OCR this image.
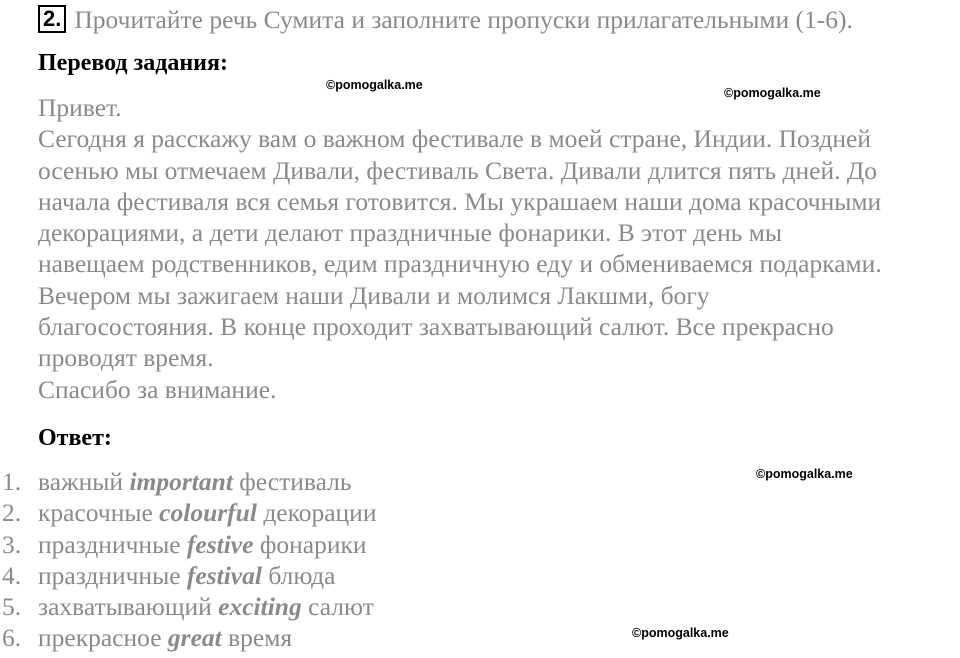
2. Прочитайте речь Сумита и заполните пропуски прилагательными (1-6).
Перевод задания:
©pomogalka.me
©pomogalka.me
Привет.
Сегодня я расскажу вам о важном фестивале в моей стране, Индии. Поздней
осенью мы отмечаем Дивали, фестиваль Света. Дивали длится пять дней. До
начала фестиваля вся семья готовится. Мы украшаем наши дома красочными
декорациями, а дети делают праздничные фонарики. В этот день мы
навещаем родственников, едим праздничную еду и обмениваемся подарками.
Вечером мы зажигаем наши Дивали и молимся Лакшми, богу
благосостояния. В конце проходит захватывающий салют. Все прекрасно
проводят время.
Спасибо за внимание.
Ответ:
©pomogalka.me
1. важный important фестиваль
2. красочные colourful декорации
3. праздничные festive фонарики
4. праздничные festival блюда
5. захватывающий exciting салют
6. прекрасное great время	©pomogalka.me
